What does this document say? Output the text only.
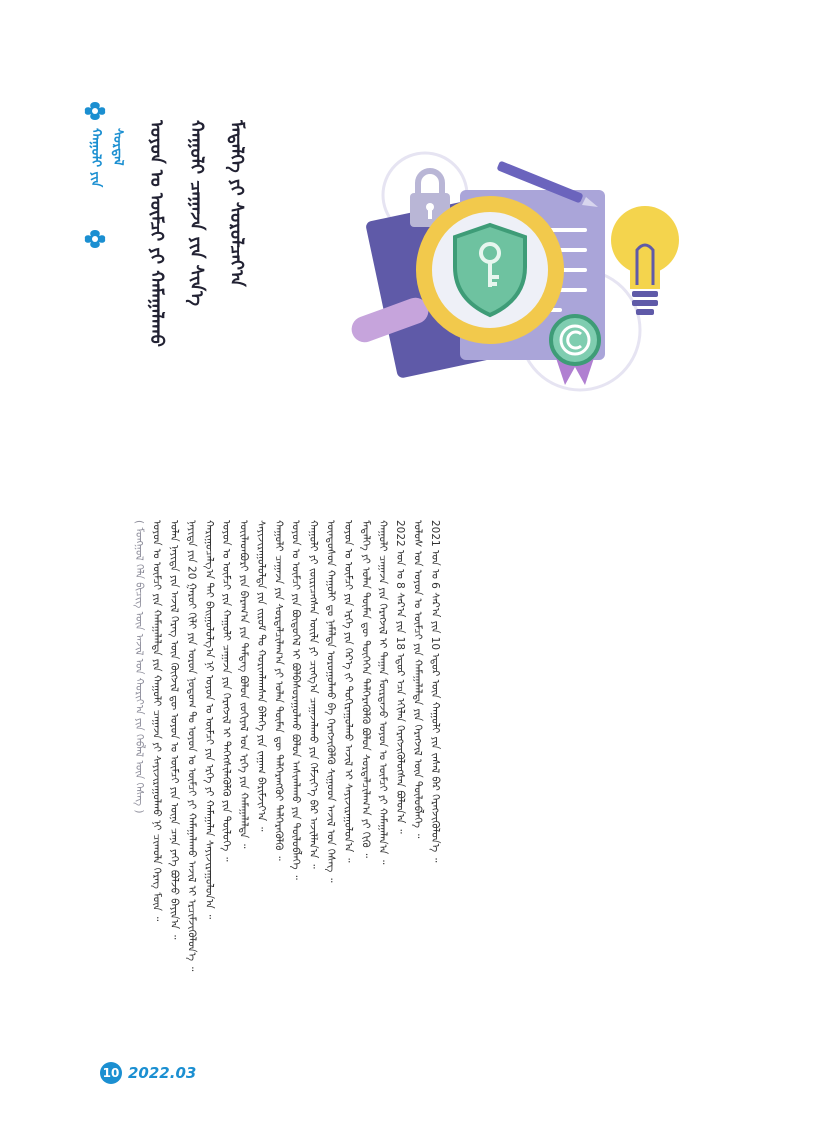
ᠬᠠᠭᠤᠯᠢ ᠶᠢᠨ ᠰᠤᠷᠲᠠᠯ ᠣᠶᠤᠨ ᠤ ᠥᠮᠴᠢ ᠶᠢ ᠬᠠᠮᠠᠭᠠᠯᠠᠬᠤ ᠬᠠᠭᠤᠯᠢ ᠴᠠᠭᠠᠵᠠ ᠶᠢᠨ ᠰᠢᠨ᠎ᠡ ᠮᠡᠳᠡᠯᠭᠡ ᠶᠢ ᠰᠤᠷᠤᠯᠴᠠᠶ᠎ᠠ
( ᠮᠣᠩᠭᠣᠯ ᠬᠡᠯᠡ ᠪᠢᠴᠢᠭ ᠦᠨ ᠠᠵᠢᠯ ᠤᠨ ᠬᠣᠷᠢᠶ᠎ᠠ ᠶᠢᠨ ᠬᠡᠪᠯᠡᠯ ᠦᠨ ᠬᠡᠰᠡᠭ ) ᠣᠶᠤᠨ ᠤ ᠥᠮᠴᠢ ᠶᠢᠨ ᠬᠠᠮᠠᠭᠠᠯᠠᠯᠲᠠ ᠶᠢᠨ ᠬᠠᠭᠤᠯᠢ ᠴᠠᠭᠠᠵᠠ ᠶᠢ ᠰᠠᠶᠢᠵᠢᠷᠠᠭᠤᠯᠬᠤ ᠨᠢ ᠴᠢᠬᠤᠯᠠ ᠬᠡᠷᠡᠭ ᠮᠥᠨ ᠃ ᠣᠯᠠᠨ ᠨᠡᠶᠢᠲᠡ ᠶᠢᠨ ᠠᠵᠢᠯ ᠬᠡᠷᠡᠭ ᠦᠨ ᠬᠥᠭᠵᠢᠯ ᠳᠦ ᠣᠶᠤᠨ ᠤ ᠥᠮᠴᠢ ᠶᠢᠨ ᠦᠨᠡ ᠴᠡᠨᠡ ᠶᠡᠬᠡ ᠪᠣᠯᠵᠤ ᠪᠠᠶᠢᠨ᠎ᠠ ᠃ ᠨᠡᠶᠢᠲᠡ ᠶᠢᠨ 20 ᠭᠠᠷᠤᠢ ᠬᠢᠯᠢ ᠶᠢᠨ ᠣᠷᠣᠨ ᠨᠤᠲᠤᠭ ᠲᠤ ᠣᠶᠤᠨ ᠤ ᠥᠮᠴᠢ ᠶᠢ ᠬᠠᠮᠠᠭᠠᠯᠠᠬᠤ ᠠᠵᠢᠯ ᠢ ᠡᠷᠴᠢᠮᠵᠢᠭᠦᠯᠦᠨ᠎ᠡ ᠃ ᠬᠠᠷᠢᠭᠤᠴᠠᠯᠭ᠎ᠠ ᠲᠠᠢ ᠪᠠᠢᠭᠤᠯᠤᠯᠭ᠎ᠠ ᠨᠢ ᠣᠶᠤᠨ ᠤ ᠥᠮᠴᠢ ᠶᠢᠨ ᠡᠷᠬᠡ ᠶᠢ ᠬᠠᠮᠠᠭᠠᠯᠠᠨ ᠰᠠᠶᠢᠵᠢᠷᠠᠭᠤᠯᠤᠨ᠎ᠠ ᠃ ᠣᠶᠤᠨ ᠤ ᠥᠮᠴᠢ ᠶᠢᠨ ᠬᠠᠭᠤᠯᠢ ᠴᠠᠭᠠᠵᠠ ᠶᠢᠨ ᠬᠡᠷᠡᠭᠵᠢᠯ ᠢ ᠳᠡᠭᠡᠭᠰᠢᠯᠡᠭᠦᠯᠬᠦ ᠶᠢᠨ ᠲᠥᠯᠦᠭᠡ ᠃ ᠦᠢᠯᠡᠳᠪᠦᠷᠢ ᠶᠢᠨ ᠪᠠᠷᠠᠭ᠎ᠠ ᠶᠢᠨ ᠲᠡᠮᠳᠡᠭ ᠪᠣᠯᠤᠨ ᠵᠣᠬᠢᠶᠠᠯ ᠤᠨ ᠡᠷᠬᠡ ᠶᠢᠨ ᠬᠠᠮᠠᠭᠠᠯᠠᠯᠲᠠ ᠃ ᠰᠠᠶᠢᠵᠢᠷᠠᠭᠤᠯᠤᠯᠲᠠ ᠶᠢᠨ ᠵᠢᠷᠤᠮ ᠲᠤ ᠬᠣᠷᠢᠭᠯᠠᠭᠰᠠᠨ ᠪᠡᠯᠡᠭᠡ ᠶᠢᠨ ᠵᠠᠭᠠᠭ ᠪᠠᠷᠢᠮᠵᠢᠶ᠎ᠠ ᠃ ᠬᠠᠭᠤᠯᠢ ᠴᠠᠭᠠᠵᠠ ᠶᠢᠨ ᠰᠤᠷᠲᠠᠯᠴᠢᠯᠠᠭ᠎ᠠ ᠶᠢ ᠣᠯᠠᠨ ᠲᠦᠮᠡᠨ ᠳᠦ ᠳᠡᠯᠭᠡᠷᠡᠩᠭᠦᠢ ᠳᠡᠯᠭᠡᠷᠡᠭᠦᠯᠬᠦ ᠃ ᠣᠶᠤᠨ ᠤ ᠥᠮᠴᠢ ᠶᠢᠨ ᠪᠦᠲᠦᠭᠡᠯ ᠢ ᠪᠣᠯᠪᠠᠰᠤᠷᠠᠭᠤᠯᠬᠤ ᠪᠣᠯᠤᠨ ᠠᠰᠢᠭᠯᠠᠬᠤ ᠶᠢᠨ ᠲᠥᠯᠦᠪᠯᠡᠭᠡ ᠃ ᠬᠠᠭᠤᠯᠢ ᠶᠢ ᠵᠥᠷᠢᠴᠡᠭᠰᠡᠨ ᠦᠢᠯᠡ ᠶᠢ ᠴᠢᠩᠭ᠎ᠠ ᠴᠠᠭᠠᠵᠠᠯᠠᠬᠤ ᠶᠢᠨ ᠬᠡᠮᠵᠢᠶ᠎ᠡ ᠪᠠᠷ ᠠᠵᠢᠯᠯᠠᠨ᠎ᠠ ᠃ ᠦᠨᠳᠦᠰᠦᠨ ᠬᠠᠭᠤᠯᠢ ᠳᠤ ᠨᠡᠮᠡᠯᠲᠡ ᠣᠷᠣᠭᠤᠯᠬᠤ ᠪᠠ ᠬᠡᠷᠡᠭᠵᠢᠭᠦᠯᠬᠦ ᠰᠢᠭᠤᠳ ᠠᠵᠢᠯ ᠤᠨ ᠬᠡᠰᠡᠭ ᠃ ᠣᠶᠤᠨ ᠤ ᠥᠮᠴᠢ ᠶᠢᠨ ᠡᠷᠬᠡ ᠶᠢᠨ ᠭᠡᠷ᠎ᠡ ᠵᠢ ᠲᠣᠬᠢᠷᠠᠭᠤᠯᠬᠤ ᠠᠵᠢᠯ ᠢ ᠰᠠᠶᠢᠵᠢᠷᠠᠭᠤᠯᠤᠨ᠎ᠠ ᠃ ᠮᠡᠳᠡᠯᠭᠡ ᠶᠢ ᠣᠯᠠᠨ ᠲᠦᠮᠡᠨ ᠳᠦ ᠲᠦᠭᠡᠭᠡᠨ ᠳᠡᠯᠭᠡᠷᠡᠭᠦᠯᠬᠦ ᠪᠣᠯᠤᠨ ᠰᠤᠷᠲᠠᠯᠴᠢᠯᠠᠭ᠎ᠠ ᠶᠢ ᠬᠢᠬᠦ ᠃ ᠬᠠᠭᠤᠯᠢ ᠴᠠᠭᠠᠵᠠ ᠶᠢᠨ ᠬᠡᠷᠡᠭᠵᠢᠯ ᠢ ᠳᠠᠭᠠᠨ ᠮᠥᠷᠳᠡᠵᠦ ᠣᠶᠤᠨ ᠤ ᠥᠮᠴᠢ ᠶᠢ ᠬᠠᠮᠠᠭᠠᠯᠠᠨ᠎ᠠ ᠃ 2022 ᠣᠨ ᠤ 8 ᠰᠠᠷ᠎ᠠ ᠶᠢᠨ 18 ᠡᠳᠦᠷ ᠡᠴᠡ ᠡᠬᠢᠯᠡᠨ ᠬᠡᠷᠡᠭᠵᠢᠭᠦᠯᠦᠭᠰᠡᠨ ᠪᠣᠯᠤᠨ᠎ᠠ ᠃ ᠤᠯᠤᠰ ᠤᠨ ᠣᠶᠤᠨ ᠤ ᠥᠮᠴᠢ ᠶᠢᠨ ᠬᠠᠮᠠᠭᠠᠯᠠᠯᠲᠠ ᠶᠢᠨ ᠬᠡᠷᠡᠭᠵᠢᠯ ᠦᠨ ᠲᠥᠯᠦᠪᠯᠡᠭᠡ ᠃ 2021 ᠣᠨ ᠤ 6 ᠰᠠᠷ᠎ᠠ ᠶᠢᠨ 10 ᠡᠳᠦᠷ ᠦᠨ ᠬᠠᠭᠤᠯᠢ ᠶᠢᠨ ᠵᠠᠰᠠᠯ ᠪᠠᠷ ᠬᠡᠷᠡᠭᠵᠢᠭᠦᠯᠦᠨ᠎ᠡ ᠃
10 2022.03
